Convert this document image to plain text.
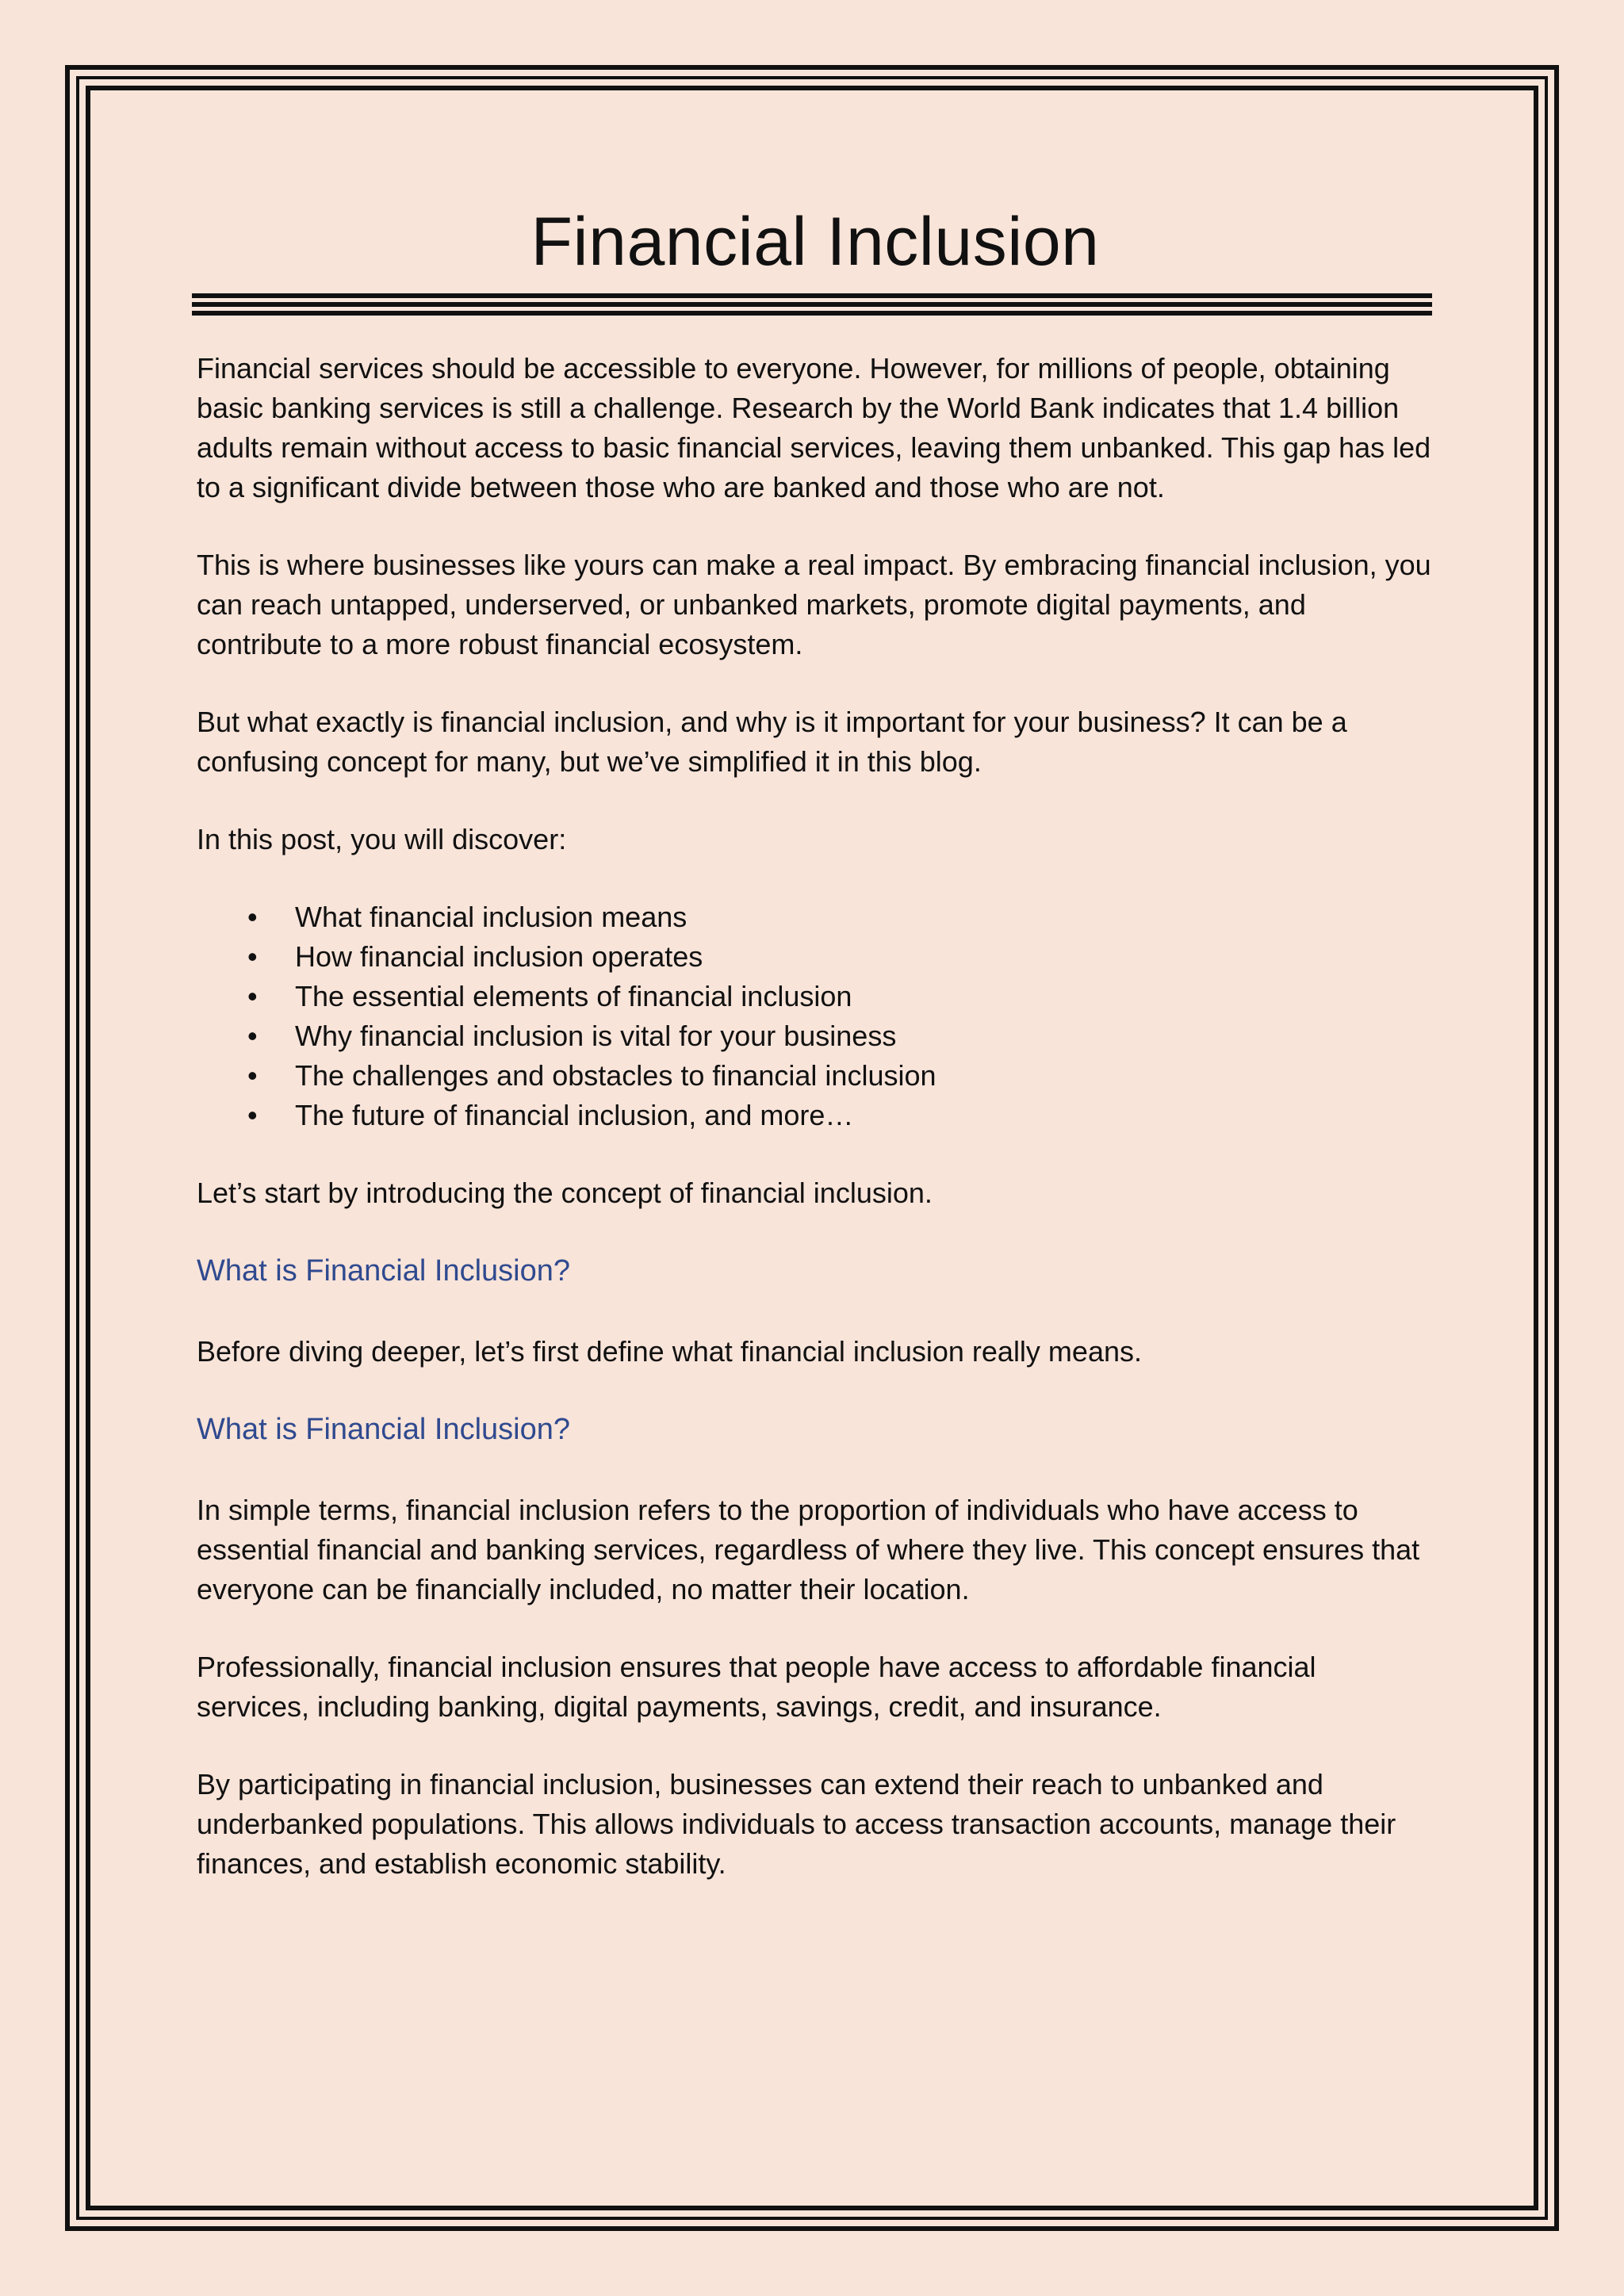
Financial Inclusion

Financial services should be accessible to everyone. However, for millions of people, obtaining basic banking services is still a challenge. Research by the World Bank indicates that 1.4 billion adults remain without access to basic financial services, leaving them unbanked. This gap has led to a significant divide between those who are banked and those who are not.

This is where businesses like yours can make a real impact. By embracing financial inclusion, you can reach untapped, underserved, or unbanked markets, promote digital payments, and contribute to a more robust financial ecosystem.

But what exactly is financial inclusion, and why is it important for your business? It can be a confusing concept for many, but we’ve simplified it in this blog.

In this post, you will discover:

• What financial inclusion means
• How financial inclusion operates
• The essential elements of financial inclusion
• Why financial inclusion is vital for your business
• The challenges and obstacles to financial inclusion
• The future of financial inclusion, and more…

Let’s start by introducing the concept of financial inclusion.

What is Financial Inclusion?

Before diving deeper, let’s first define what financial inclusion really means.

What is Financial Inclusion?

In simple terms, financial inclusion refers to the proportion of individuals who have access to essential financial and banking services, regardless of where they live. This concept ensures that everyone can be financially included, no matter their location.

Professionally, financial inclusion ensures that people have access to affordable financial services, including banking, digital payments, savings, credit, and insurance.

By participating in financial inclusion, businesses can extend their reach to unbanked and underbanked populations. This allows individuals to access transaction accounts, manage their finances, and establish economic stability.
